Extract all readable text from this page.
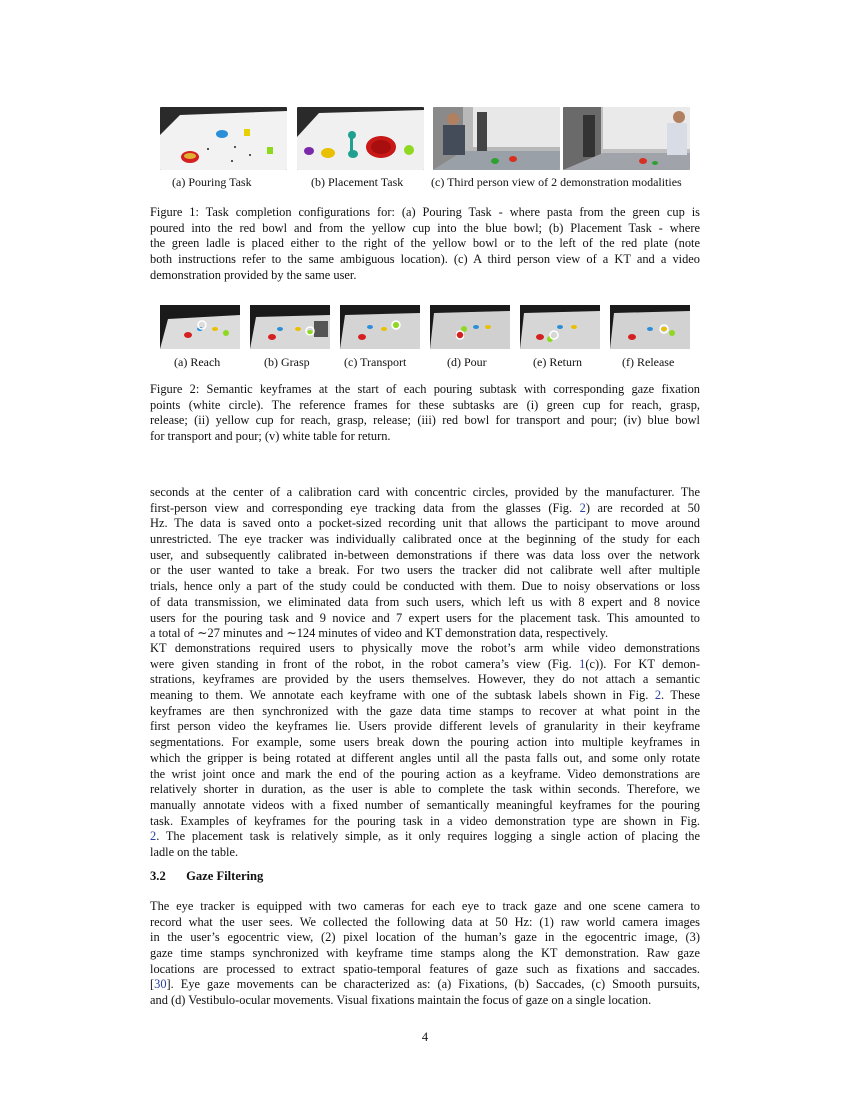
(a) Pouring Task	(b) Placement Task (c) Third person view of 2 demonstration modalities
Figure 1: Task completion configurations for: (a) Pouring Task - where pasta from the green cup is
poured into the red bowl and from the yellow cup into the blue bowl; (b) Placement Task - where
the green ladle is placed either to the right of the yellow bowl or to the left of the red plate (note
both instructions refer to the same ambiguous location). (c) A third person view of a KT and a video
demonstration provided by the same user.
(a) Reach	(b) Grasp	(c) Transport	(d) Pour	(e) Return	(f) Release
Figure 2: Semantic keyframes at the start of each pouring subtask with corresponding gaze fixation
points (white circle). The reference frames for these subtasks are (i) green cup for reach, grasp,
release; (ii) yellow cup for reach, grasp, release; (iii) red bowl for transport and pour; (iv) blue bowl
for transport and pour; (v) white table for return.
seconds at the center of a calibration card with concentric circles, provided by the manufacturer. The
first-person view and corresponding eye tracking data from the glasses (Fig. 2) are recorded at 50
Hz. The data is saved onto a pocket-sized recording unit that allows the participant to move around
unrestricted. The eye tracker was individually calibrated once at the beginning of the study for each
user, and subsequently calibrated in-between demonstrations if there was data loss over the network
or the user wanted to take a break. For two users the tracker did not calibrate well after multiple
trials, hence only a part of the study could be conducted with them. Due to noisy observations or loss
of data transmission, we eliminated data from such users, which left us with 8 expert and 8 novice
users for the pouring task and 9 novice and 7 expert users for the placement task. This amounted to
a total of ∼27 minutes and ∼124 minutes of video and KT demonstration data, respectively.
KT demonstrations required users to physically move the robot’s arm while video demonstrations
were given standing in front of the robot, in the robot camera’s view (Fig. 1(c)). For KT demon-
strations, keyframes are provided by the users themselves. However, they do not attach a semantic
meaning to them. We annotate each keyframe with one of the subtask labels shown in Fig. 2. These
keyframes are then synchronized with the gaze data time stamps to recover at what point in the
first person video the keyframes lie. Users provide different levels of granularity in their keyframe
segmentations. For example, some users break down the pouring action into multiple keyframes in
which the gripper is being rotated at different angles until all the pasta falls out, and some only rotate
the wrist joint once and mark the end of the pouring action as a keyframe. Video demonstrations are
relatively shorter in duration, as the user is able to complete the task within seconds. Therefore, we
manually annotate videos with a fixed number of semantically meaningful keyframes for the pouring
task. Examples of keyframes for the pouring task in a video demonstration type are shown in Fig.
2. The placement task is relatively simple, as it only requires logging a single action of placing the
ladle on the table.
3.2 Gaze Filtering
The eye tracker is equipped with two cameras for each eye to track gaze and one scene camera to
record what the user sees. We collected the following data at 50 Hz: (1) raw world camera images
in the user’s egocentric view, (2) pixel location of the human’s gaze in the egocentric image, (3)
gaze time stamps synchronized with keyframe time stamps along the KT demonstration. Raw gaze
locations are processed to extract spatio-temporal features of gaze such as fixations and saccades.
[30]. Eye gaze movements can be characterized as: (a) Fixations, (b) Saccades, (c) Smooth pursuits,
and (d) Vestibulo-ocular movements. Visual fixations maintain the focus of gaze on a single location.
4
